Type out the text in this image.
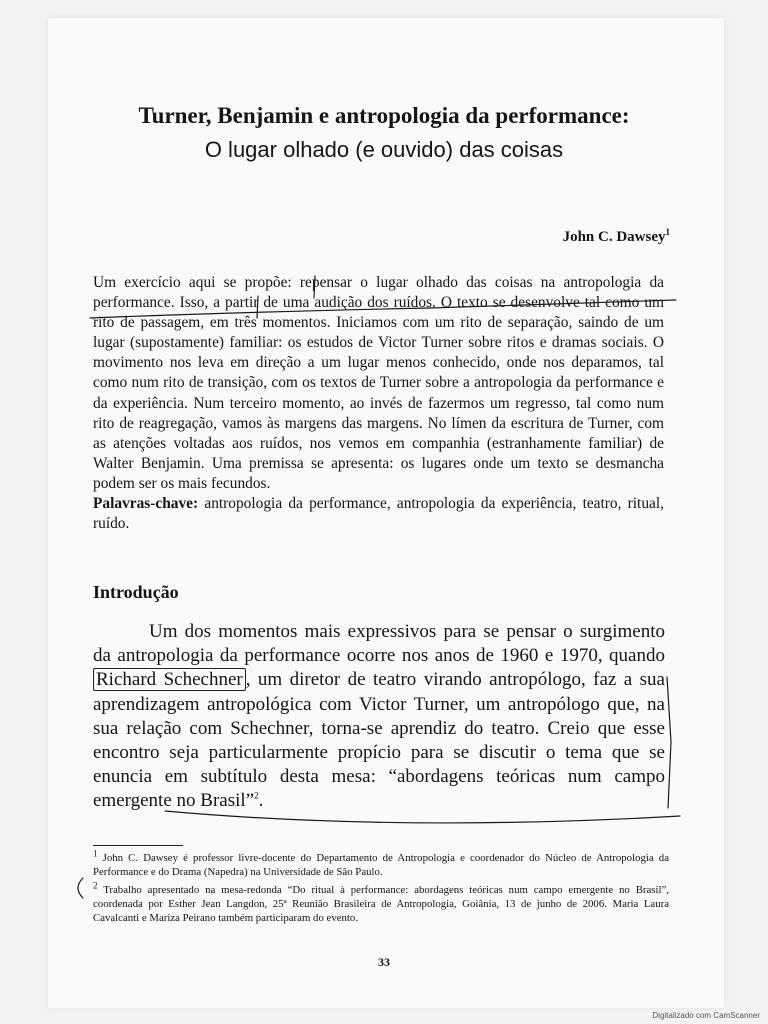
Turner, Benjamin e antropologia da performance:
O lugar olhado (e ouvido) das coisas
John C. Dawsey$^1$
Um exercício aqui se propõe: repensar o lugar olhado das coisas na antropologia da performance. Isso, a partir de uma audição dos ruídos. O texto se desenvolve tal como um rito de passagem, em três momentos. Iniciamos com um rito de separação, saindo de um lugar (supostamente) familiar: os estudos de Victor Turner sobre ritos e dramas sociais. O movimento nos leva em direção a um lugar menos conhecido, onde nos deparamos, tal como num rito de transição, com os textos de Turner sobre a antropologia da performance e da experiência. Num terceiro momento, ao invés de fazermos um regresso, tal como num rito de reagregação, vamos às margens das margens. No límen da escritura de Turner, com as atenções voltadas aos ruídos, nos vemos em companhia (estranhamente familiar) de Walter Benjamin. Uma premissa se apresenta: os lugares onde um texto se desmancha podem ser os mais fecundos.
Palavras-chave: antropologia da performance, antropologia da experiência, teatro, ritual, ruído.
Introdução
Um dos momentos mais expressivos para se pensar o surgimento da antropologia da performance ocorre nos anos de 1960 e 1970, quando Richard Schechner , um diretor de teatro virando antropólogo, faz a sua aprendizagem antropológica com Victor Turner, um antropólogo que, na sua relação com Schechner, torna-se aprendiz do teatro. Creio que esse encontro seja particularmente propício para se discutir o tema que se enuncia em subtítulo desta mesa: “abordagens teóricas num campo emergente no Brasil”$^2$.

$^1$ John C. Dawsey é professor livre-docente do Departamento de Antropologia e coordenador do Núcleo de Antropologia da Performance e do Drama (Napedra) na Universidade de São Paulo.

$^2$ Trabalho apresentado na mesa-redonda “Do ritual à performance: abordagens teóricas num campo emergente no Brasil”, coordenada por Esther Jean Langdon, 25ª Reunião Brasileira de Antropologia, Goiânia, 13 de junho de 2006. Maria Laura Cavalcanti e Mariza Peirano também participaram do evento.

33
Digitalizado com CamScanner
